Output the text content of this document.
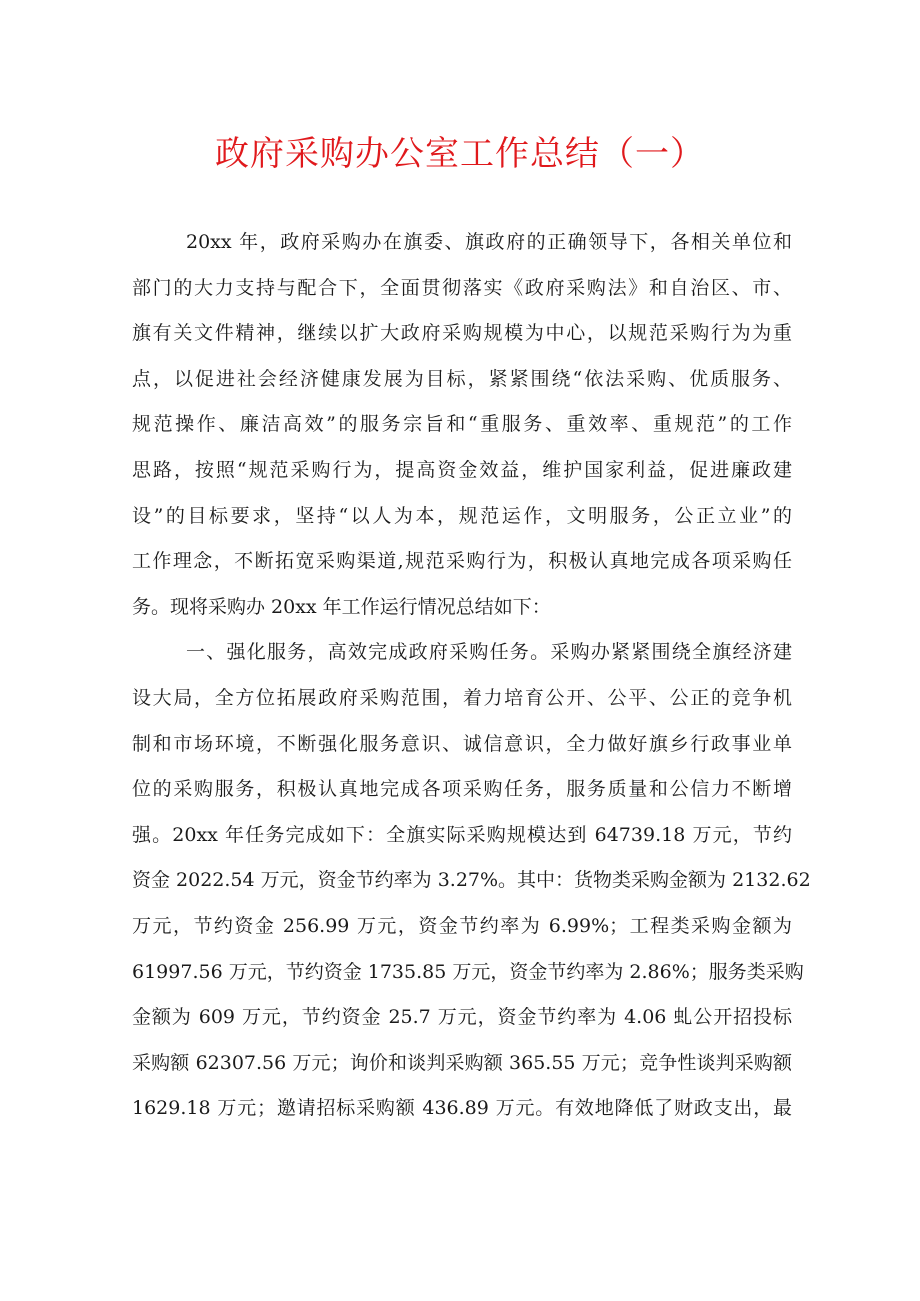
政府采购办公室工作总结（一）
20xx 年，政府采购办在旗委、旗政府的正确领导下，各相关单位和
部门的大力支持与配合下，全面贯彻落实《政府采购法》和自治区、市、
旗有关文件精神，继续以扩大政府采购规模为中心，以规范采购行为为重
点，以促进社会经济健康发展为目标，紧紧围绕“依法采购、优质服务、
规范操作、廉洁高效”的服务宗旨和“重服务、重效率、重规范”的工作
思路，按照“规范采购行为，提高资金效益，维护国家利益，促进廉政建
设”的目标要求，坚持“以人为本，规范运作，文明服务，公正立业”的
工作理念，不断拓宽采购渠道,规范采购行为，积极认真地完成各项采购任
务。现将采购办 20xx 年工作运行情况总结如下：
一、强化服务，高效完成政府采购任务。采购办紧紧围绕全旗经济建
设大局，全方位拓展政府采购范围，着力培育公开、公平、公正的竞争机
制和市场环境，不断强化服务意识、诚信意识，全力做好旗乡行政事业单
位的采购服务，积极认真地完成各项采购任务，服务质量和公信力不断增
强。20xx 年任务完成如下：全旗实际采购规模达到 64739.18 万元，节约
资金 2022.54 万元，资金节约率为 3.27%。其中：货物类采购金额为 2132.62
万元，节约资金 256.99 万元，资金节约率为 6.99%；工程类采购金额为
61997.56 万元，节约资金 1735.85 万元，资金节约率为 2.86%；服务类采购
金额为 609 万元，节约资金 25.7 万元，资金节约率为 4.06 虬公开招投标
采购额 62307.56 万元；询价和谈判采购额 365.55 万元；竞争性谈判采购额
1629.18 万元；邀请招标采购额 436.89 万元。有效地降低了财政支出，最
